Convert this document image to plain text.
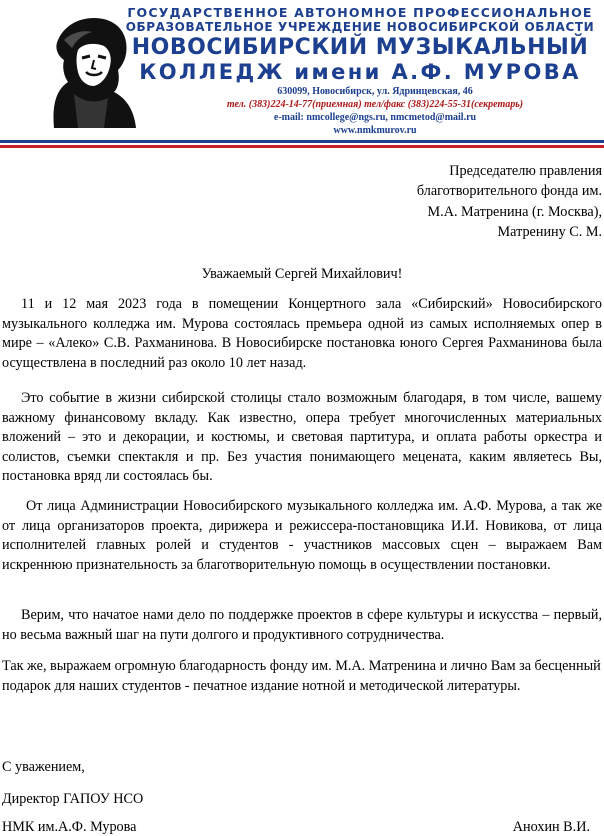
ГОСУДАРСТВЕННОЕ АВТОНОМНОЕ ПРОФЕССИОНАЛЬНОЕ
ОБРАЗОВАТЕЛЬНОЕ УЧРЕЖДЕНИЕ НОВОСИБИРСКОЙ ОБЛАСТИ
НОВОСИБИРСКИЙ МУЗЫКАЛЬНЫЙ
КОЛЛЕДЖ имени А.Ф. МУРОВА
630099, Новосибирск, ул. Ядринцевская, 46
тел. (383)224-14-77(приемная) тел/факс (383)224-55-31(секретарь)
e-mail: nmcollege@ngs.ru, nmcmetod@mail.ru
www.nmkmurov.ru
Председателю правления
благотворительного фонда им.
М.А. Матренина (г. Москва),
Матренину С. М.
Уважаемый Сергей Михайлович!

11 и 12 мая 2023 года в помещении Концертного зала «Сибирский» Новосибирского музыкального колледжа им. Мурова состоялась премьера одной из самых исполняемых опер в мире – «Алеко» С.В. Рахманинова. В Новосибирске постановка юного Сергея Рахманинова была осуществлена в последний раз около 10 лет назад.

Это событие в жизни сибирской столицы стало возможным благодаря, в том числе, вашему важному финансовому вкладу. Как известно, опера требует многочисленных материальных вложений – это и декорации, и костюмы, и световая партитура, и оплата работы оркестра и солистов, съемки спектакля и пр. Без участия понимающего мецената, каким являетесь Вы, постановка вряд ли состоялась бы.

От лица Администрации Новосибирского музыкального колледжа им. А.Ф. Мурова, а так же от лица организаторов проекта, дирижера и режиссера-постановщика И.И. Новикова, от лица исполнителей главных ролей и студентов - участников массовых сцен – выражаем Вам искреннюю признательность за благотворительную помощь в осуществлении постановки.

Верим, что начатое нами дело по поддержке проектов в сфере культуры и искусства – первый, но весьма важный шаг на пути долгого и продуктивного сотрудничества.

Так же, выражаем огромную благодарность фонду им. М.А. Матренина и лично Вам за бесценный подарок для наших студентов - печатное издание нотной и методической литературы.

С уважением,
Директор ГАПОУ НСО
НМК им.А.Ф. Мурова	Анохин В.И.
